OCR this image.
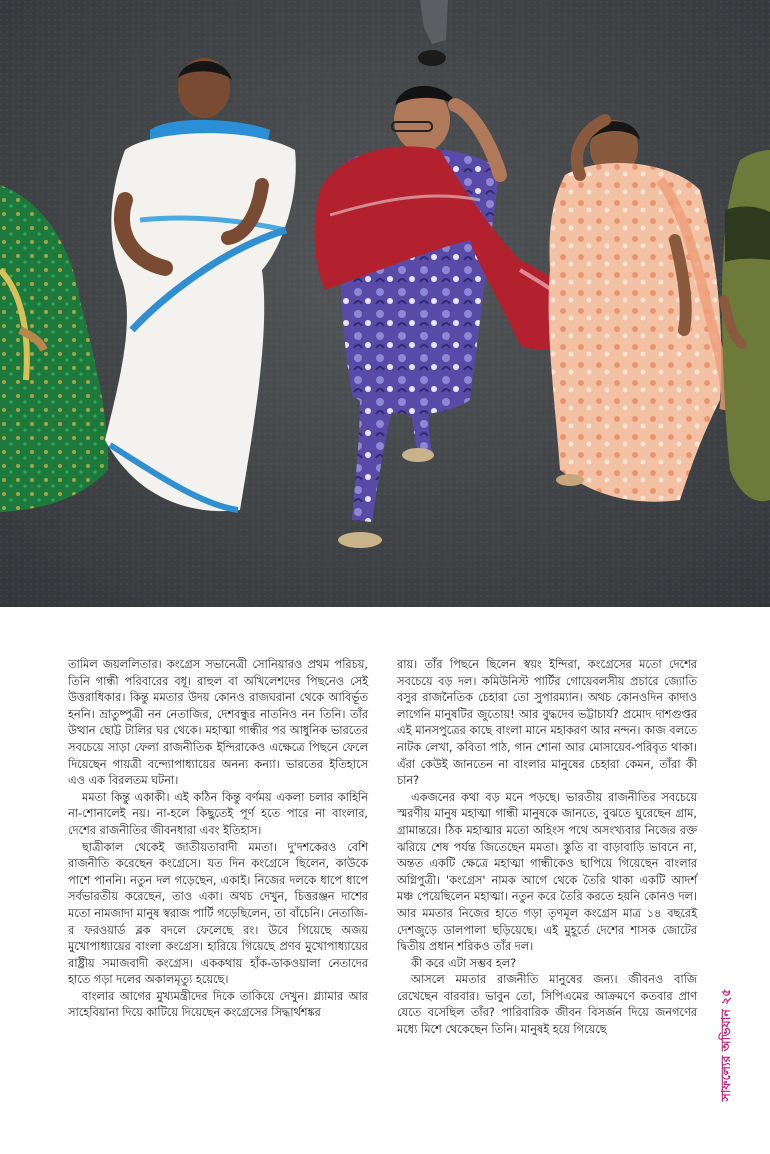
তামিল জয়ললিতার। কংগ্রেস সভানেত্রী সোনিয়ারও প্রথম পরিচয়, তিনি গান্ধী পরিবারের বধূ। রাহুল বা অখিলেশদের পিছনেও সেই উত্তরাধিকার। কিন্তু মমতার উদয় কোনও রাজঘরানা থেকে আবির্ভূত হননি। ভ্রাতুষ্পুত্রী নন নেতাজির, দেশবন্ধুর নাতনিও নন তিনি। তাঁর উত্থান ছোট্ট টালির ঘর থেকে। মহাত্মা গান্ধীর পর আধুনিক ভারতের সবচেয়ে সাড়া ফেলা রাজনীতিক ইন্দিরাকেও এক্ষেত্রে পিছনে ফেলে দিয়েছেন গায়ত্রী বন্দ্যোপাধ্যায়ের অনন্য কন্যা। ভারতের ইতিহাসে এও এক বিরলতম ঘটনা।

মমতা কিন্তু একাকী। এই কঠিন কিন্তু বর্ণময় একলা চলার কাহিনি না-শোনালেই নয়। না-হলে কিছুতেই পূর্ণ হতে পারে না বাংলার, দেশের রাজনীতির জীবনধারা এবং ইতিহাস।

ছাত্রীকাল থেকেই জাতীয়তাবাদী মমতা। দু'দশকেরও বেশি রাজনীতি করেছেন কংগ্রেসে। যত দিন কংগ্রেসে ছিলেন, কাউকে পাশে পাননি। নতুন দল গড়েছেন, একাই। নিজের দলকে ধাপে ধাপে সর্বভারতীয় করেছেন, তাও একা। অথচ দেখুন, চিত্তরঞ্জন দাশের মতো নামজাদা মানুষ স্বরাজ পার্টি গড়েছিলেন, তা বাঁচেনি। নেতাজি-র ফরওয়ার্ড ব্লক বদলে ফেলেছে রং। উবে গিয়েছে অজয় মুখোপাধ্যায়ের বাংলা কংগ্রেস। হারিয়ে গিয়েছে প্রণব মুখোপাধ্যায়ের রাষ্ট্রীয় সমাজবাদী কংগ্রেস। এককথায় হাঁক-ডাকওয়ালা নেতাদের হাতে গড়া দলের অকালমৃত্যু হয়েছে।

বাংলার আগের মুখ্যমন্ত্রীদের দিকে তাকিয়ে দেখুন। গ্ল্যামার আর সাহেবিয়ানা দিয়ে কাটিয়ে দিয়েছেন কংগ্রেসের সিদ্ধার্থশঙ্কর

রায়। তাঁর পিছনে ছিলেন স্বয়ং ইন্দিরা, কংগ্রেসের মতো দেশের সবচেয়ে বড় দল। কমিউনিস্ট পার্টির গোয়েবলসীয় প্রচারে জ্যোতি বসুর রাজনৈতিক চেহারা তো সুপারম্যান। অথচ কোনওদিন কাদাও লাগেনি মানুষটির জুতোয়! আর বুদ্ধদেব ভট্টাচার্য? প্রমোদ দাশগুপ্তর এই মানসপুত্রের কাছে বাংলা মানে মহাকরণ আর নন্দন। কাজ বলতে নাটক লেখা, কবিতা পাঠ, গান শোনা আর মোসায়েব-পরিবৃত থাকা। এঁরা কেউই জানতেন না বাংলার মানুষের চেহারা কেমন, তাঁরা কী চান?

একজনের কথা বড় মনে পড়ছে। ভারতীয় রাজনীতির সবচেয়ে স্মরণীয় মানুষ মহাত্মা গান্ধী মানুষকে জানতে, বুঝতে ঘুরেছেন গ্রাম, গ্রামান্তরে। ঠিক মহাত্মার মতো অহিংস পথে অসংখ্যবার নিজের রক্ত ঝরিয়ে শেষ পর্যন্ত জিতেছেন মমতা। স্তুতি বা বাড়াবাড়ি ভাবনে না, অন্তত একটি ক্ষেত্রে মহাত্মা গান্ধীকেও ছাপিয়ে গিয়েছেন বাংলার অগ্নিপুত্রী। 'কংগ্রেস' নামক আগে থেকে তৈরি থাকা একটি আদর্শ মঞ্চ পেয়েছিলেন মহাত্মা। নতুন করে তৈরি করতে হয়নি কোনও দল। আর মমতার নিজের হাতে গড়া তৃণমূল কংগ্রেস মাত্র ১৪ বছরেই দেশজুড়ে ডালপালা ছড়িয়েছে। এই মুহূর্তে দেশের শাসক জোটের দ্বিতীয় প্রধান শরিকও তাঁর দল।

কী করে এটা সম্ভব হল?

আসলে মমতার রাজনীতি মানুষের জন্য। জীবনও বাজি রেখেছেন বারবার। ভাবুন তো, সিপিএমের আক্রমণে কতবার প্রাণ যেতে বসেছিল তাঁর? পারিবারিক জীবন বিসর্জন দিয়ে জনগণের মধ্যে মিশে থেকেছেন তিনি। মানুষই হয়ে গিয়েছে	সাফল্যের অভিযান ২৫
